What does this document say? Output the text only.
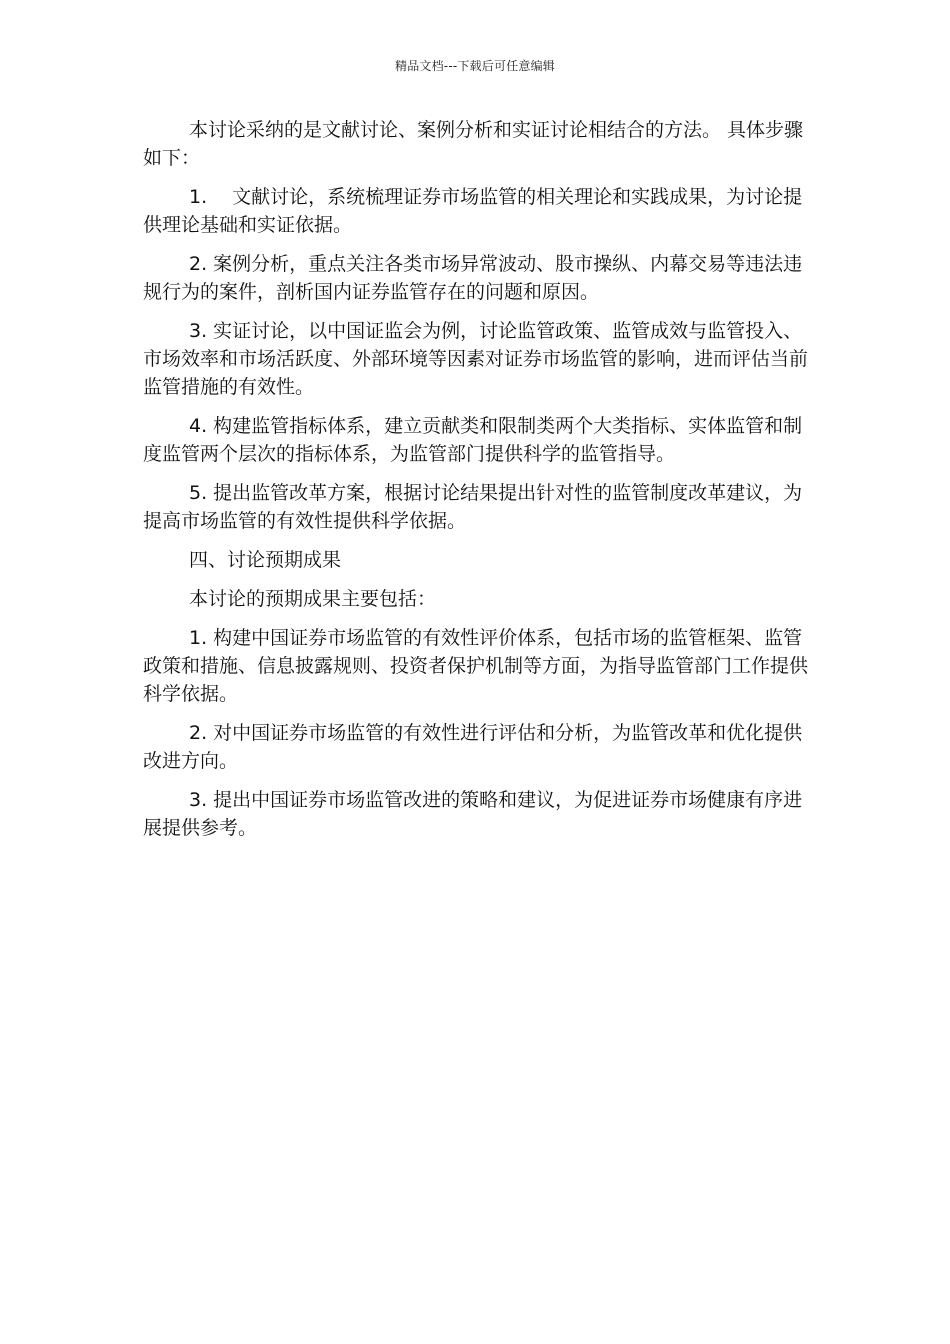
精品文档---下载后可任意编辑

本讨论采纳的是文献讨论、案例分析和实证讨论相结合的方法。 具体步骤如下：

1.　 文献讨论，系统梳理证券市场监管的相关理论和实践成果，为讨论提供理论基础和实证依据。

2. 案例分析，重点关注各类市场异常波动、股市操纵、内幕交易等违法违规行为的案件，剖析国内证券监管存在的问题和原因。

3. 实证讨论，以中国证监会为例，讨论监管政策、监管成效与监管投入、市场效率和市场活跃度、外部环境等因素对证券市场监管的影响，进而评估当前监管措施的有效性。

4. 构建监管指标体系，建立贡献类和限制类两个大类指标、实体监管和制度监管两个层次的指标体系，为监管部门提供科学的监管指导。

5. 提出监管改革方案，根据讨论结果提出针对性的监管制度改革建议，为提高市场监管的有效性提供科学依据。

四、讨论预期成果

本讨论的预期成果主要包括：

1. 构建中国证券市场监管的有效性评价体系，包括市场的监管框架、监管政策和措施、信息披露规则、投资者保护机制等方面，为指导监管部门工作提供科学依据。

2. 对中国证券市场监管的有效性进行评估和分析，为监管改革和优化提供改进方向。

3. 提出中国证券市场监管改进的策略和建议，为促进证券市场健康有序进展提供参考。
